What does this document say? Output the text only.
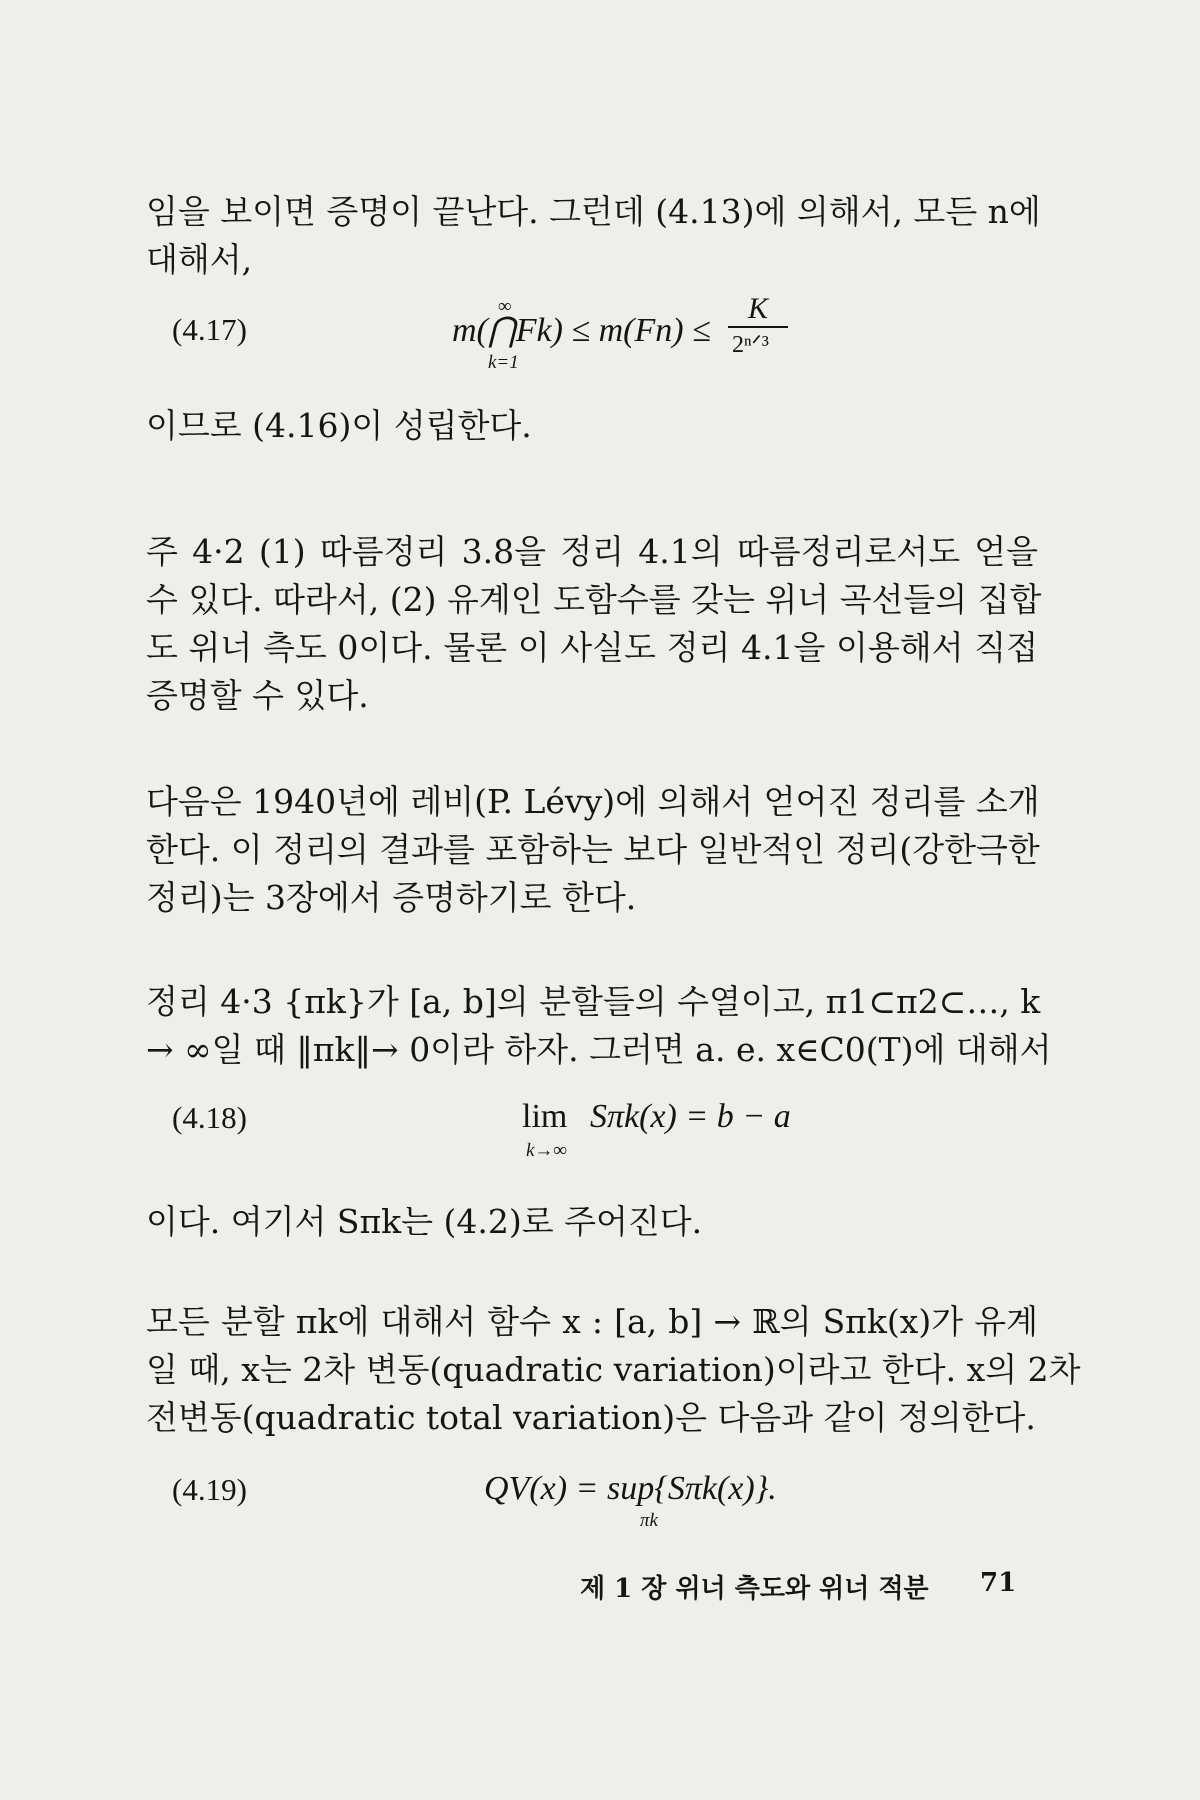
임을 보이면 증명이 끝난다. 그런데 (4.13)에 의해서, 모든 n에
대해서,
(4.17)	m(⋂Fk) ≤ m(Fn) ≤
∞
k=1
K
2ⁿᐟ³
이므로 (4.16)이 성립한다.
주 4·2 (1) 따름정리 3.8을 정리 4.1의 따름정리로서도 얻을
수 있다. 따라서, (2) 유계인 도함수를 갖는 위너 곡선들의 집합
도 위너 측도 0이다. 물론 이 사실도 정리 4.1을 이용해서 직접
증명할 수 있다.
다음은 1940년에 레비(P. Lévy)에 의해서 얻어진 정리를 소개
한다. 이 정리의 결과를 포함하는 보다 일반적인 정리(강한극한
정리)는 3장에서 증명하기로 한다.
정리 4·3 {πk}가 [a, b]의 분할들의 수열이고, π1⊂π2⊂…, k
→ ∞일 때 ‖πk‖→ 0이라 하자. 그러면 a. e. x∈C0(T)에 대해서
(4.18)	lim
k→∞
Sπk(x) = b − a
이다. 여기서 Sπk는 (4.2)로 주어진다.
모든 분할 πk에 대해서 함수 x : [a, b] → ℝ의 Sπk(x)가 유계
일 때, x는 2차 변동(quadratic variation)이라고 한다. x의 2차
전변동(quadratic total variation)은 다음과 같이 정의한다.
(4.19)	QV(x) = sup{Sπk(x)}.
πk
제 1 장 위너 측도와 위너 적분 71
